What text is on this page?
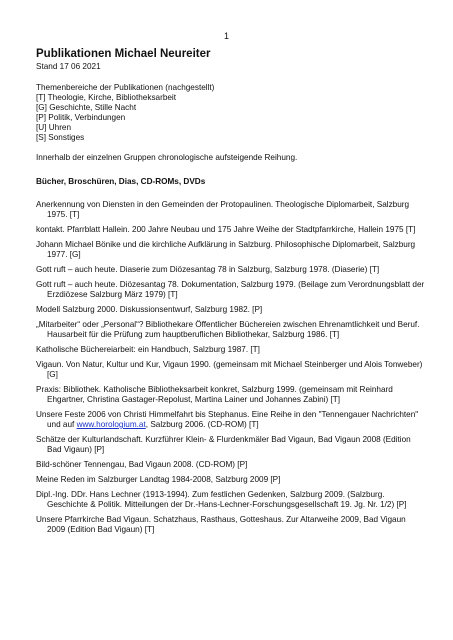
1
Publikationen Michael Neureiter

Stand 17 06 2021

Themenbereiche der Publikationen (nachgestellt)

[T] Theologie, Kirche, Bibliotheksarbeit

[G] Geschichte, Stille Nacht

[P] Politik, Verbindungen

[U] Uhren

[S] Sonstiges

Innerhalb der einzelnen Gruppen chronologische aufsteigende Reihung.

Bücher, Broschüren, Dias, CD-ROMs, DVDs

Anerkennung von Diensten in den Gemeinden der Protopaulinen. Theologische Diplomarbeit, Salzburg 1975. [T]

kontakt. Pfarrblatt Hallein. 200 Jahre Neubau und 175 Jahre Weihe der Stadtpfarrkirche, Hallein 1975 [T]

Johann Michael Bönike und die kirchliche Aufklärung in Salzburg. Philosophische Diplomarbeit, Salzburg 1977. [G]

Gott ruft – auch heute. Diaserie zum Diözesantag 78 in Salzburg, Salzburg 1978. (Diaserie) [T]

Gott ruft – auch heute. Diözesantag 78. Dokumentation, Salzburg 1979. (Beilage zum Verordnungsblatt der Erzdiözese Salzburg März 1979) [T]

Modell Salzburg 2000. Diskussionsentwurf, Salzburg 1982. [P]

„Mitarbeiter“ oder „Personal“? Bibliothekare Öffentlicher Büchereien zwischen Ehrenamtlichkeit und Beruf. Hausarbeit für die Prüfung zum hauptberuflichen Bibliothekar, Salzburg 1986. [T]

Katholische Büchereiarbeit: ein Handbuch, Salzburg 1987. [T]

Vigaun. Von Natur, Kultur und Kur, Vigaun 1990. (gemeinsam mit Michael Steinberger und Alois Tonweber) [G]

Praxis: Bibliothek. Katholische Bibliotheksarbeit konkret, Salzburg 1999. (gemeinsam mit Reinhard Ehgartner, Christina Gastager-Repolust, Martina Lainer und Johannes Zabini) [T]

Unsere Feste 2006 von Christi Himmelfahrt bis Stephanus. Eine Reihe in den "Tennengauer Nachrichten" und auf www.horologium.at, Salzburg 2006. (CD-ROM) [T]

Schätze der Kulturlandschaft. Kurzführer Klein- & Flurdenkmäler Bad Vigaun, Bad Vigaun 2008 (Edition Bad Vigaun) [P]

Bild-schöner Tennengau, Bad Vigaun 2008. (CD-ROM) [P]

Meine Reden im Salzburger Landtag 1984-2008, Salzburg 2009 [P]

Dipl.-Ing. DDr. Hans Lechner (1913-1994). Zum festlichen Gedenken, Salzburg 2009. (Salzburg. Geschichte & Politik. Mitteilungen der Dr.-Hans-Lechner-Forschungsgesellschaft 19. Jg. Nr. 1/2) [P]

Unsere Pfarrkirche Bad Vigaun. Schatzhaus, Rasthaus, Gotteshaus. Zur Altarweihe 2009, Bad Vigaun 2009 (Edition Bad Vigaun) [T]
